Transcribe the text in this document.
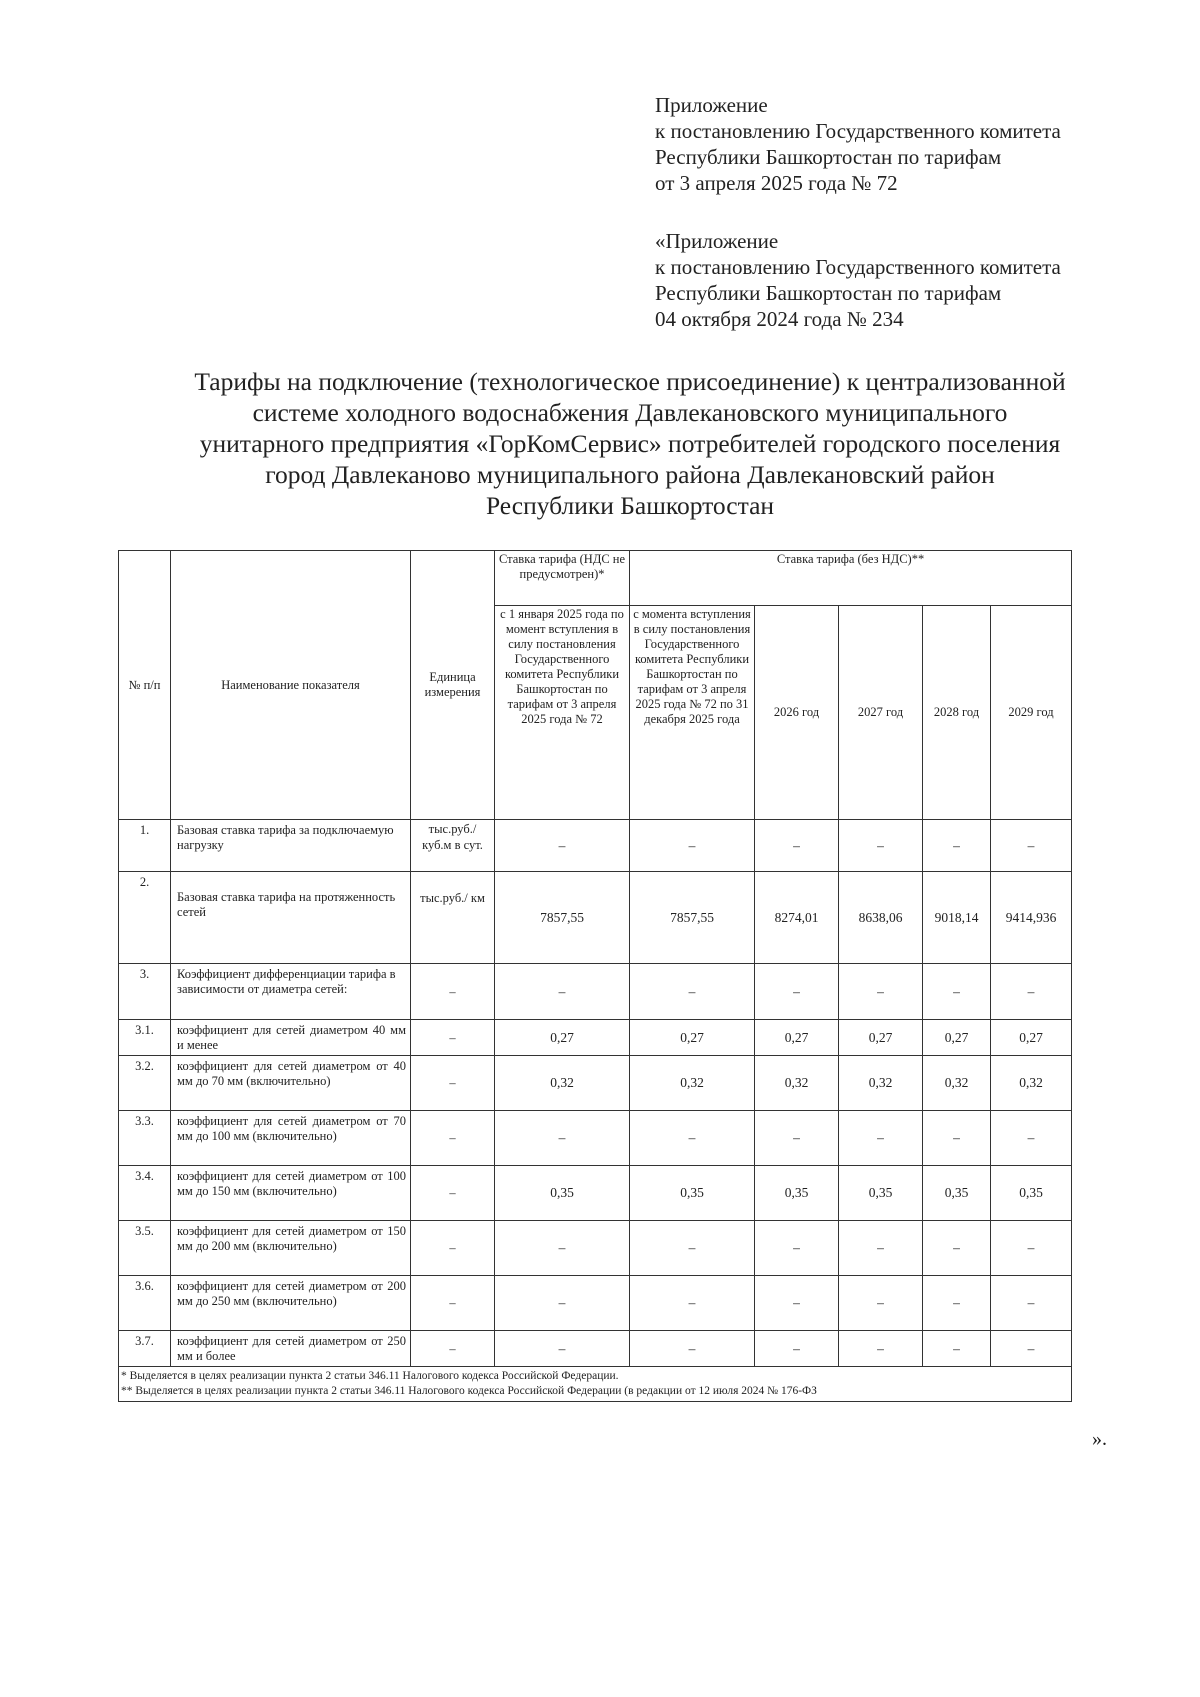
Приложение
к постановлению Государственного комитета
Республики Башкортостан по тарифам
от 3 апреля 2025 года № 72
«Приложение
к постановлению Государственного комитета
Республики Башкортостан по тарифам
04 октября 2024 года № 234
Тарифы на подключение (технологическое присоединение) к централизованной
системе холодного водоснабжения Давлекановского муниципального
унитарного предприятия «ГорКомСервис» потребителей городского поселения
город Давлеканово муниципального района Давлекановский район
Республики Башкортостан
№ п/п	Наименование показателя	Единица измерения	Ставка тарифа (НДС не предусмотрен)*	Ставка тарифа (без НДС)**				
			с 1 января 2025 года по момент вступления в силу постановления Государственного комитета Республики Башкортостан по тарифам от 3 апреля 2025 года № 72	с момента вступления в силу постановления Государственного комитета Республики Башкортостан по тарифам от 3 апреля 2025 года № 72 по 31 декабря 2025 года	2026 год	2027 год	2028 год	2029 год
1.	Базовая ставка тарифа за подключаемую нагрузку	тыс.руб./ куб.м в сут.	–	–	–	–	–	–
2.	Базовая ставка тарифа на протяженность сетей	тыс.руб./ км	7857,55	7857,55	8274,01	8638,06	9018,14	9414,936
3.	Коэффициент дифференциации тарифа в зависимости от диаметра сетей:	–	–	–	–	–	–	–
3.1.	коэффициент для сетей диаметром 40 мм и менее	–	0,27	0,27	0,27	0,27	0,27	0,27
3.2.	коэффициент для сетей диаметром от 40 мм до 70 мм (включительно)	–	0,32	0,32	0,32	0,32	0,32	0,32
3.3.	коэффициент для сетей диаметром от 70 мм до 100 мм (включительно)	–	–	–	–	–	–	–
3.4.	коэффициент для сетей диаметром от 100 мм до 150 мм (включительно)	–	0,35	0,35	0,35	0,35	0,35	0,35
3.5.	коэффициент для сетей диаметром от 150 мм до 200 мм (включительно)	–	–	–	–	–	–	–
3.6.	коэффициент для сетей диаметром от 200 мм до 250 мм (включительно)	–	–	–	–	–	–	–
3.7.	коэффициент для сетей диаметром от 250 мм и более	–	–	–	–	–	–	–

* Выделяется в целях реализации пункта 2 статьи 346.11 Налогового кодекса Российской Федерации.
** Выделяется в целях реализации пункта 2 статьи 346.11 Налогового кодекса Российской Федерации (в редакции от 12 июля 2024 № 176-ФЗ								
».
